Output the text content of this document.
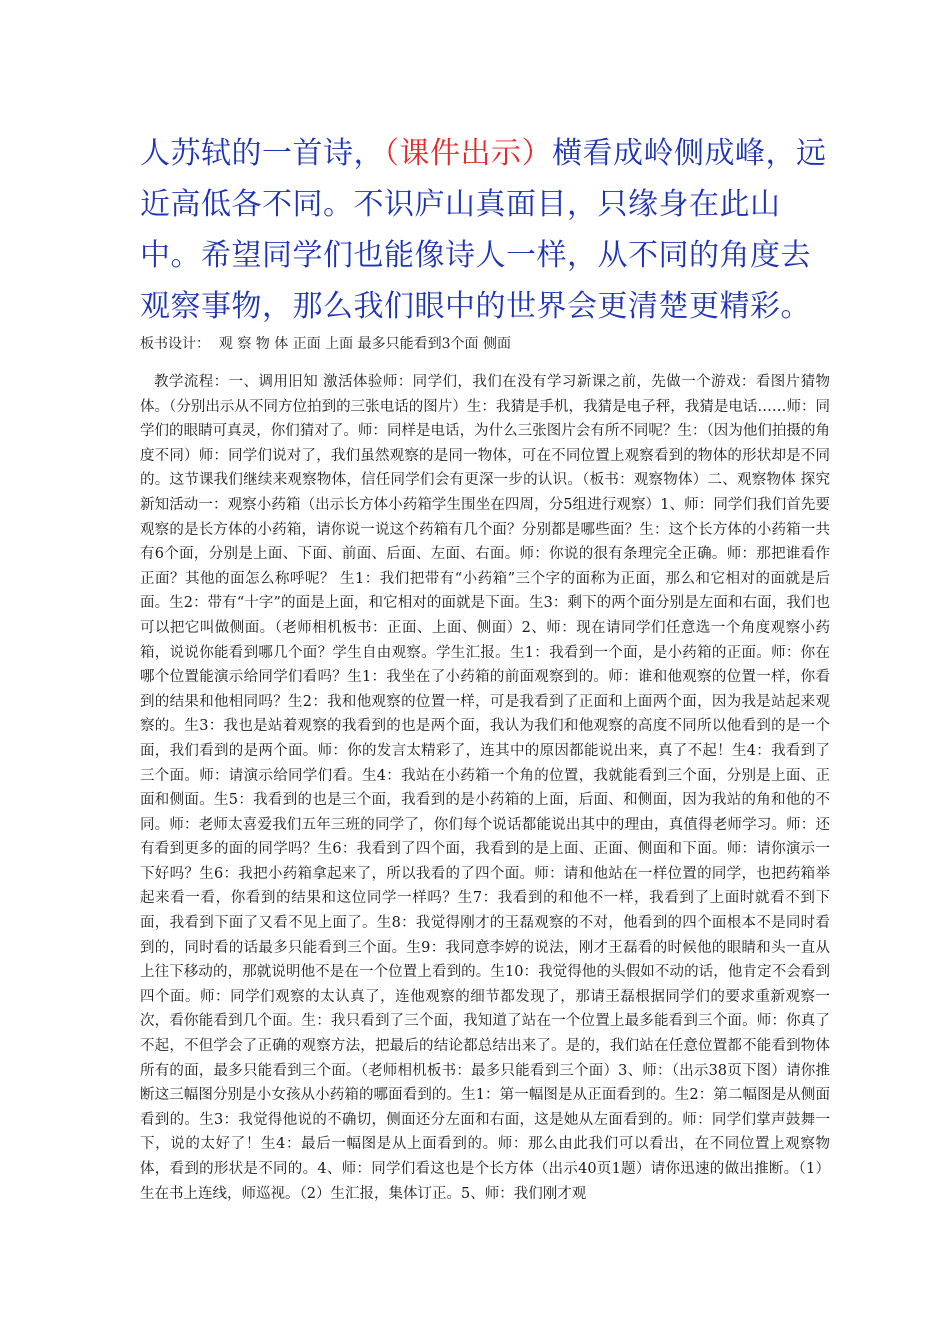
人苏轼的一首诗，（课件出示）横看成岭侧成峰，远近高低各不同。不识庐山真面目，只缘身在此山中。希望同学们也能像诗人一样，从不同的角度去观察事物，那么我们眼中的世界会更清楚更精彩。
板书设计：  观 察 物 体 正面 上面 最多只能看到3个面 侧面
教学流程：一、调用旧知 激活体验师：同学们，我们在没有学习新课之前，先做一个游戏：看图片猜物体。（分别出示从不同方位拍到的三张电话的图片）生：我猜是手机，我猜是电子秤，我猜是电话……师：同学们的眼睛可真灵，你们猜对了。师：同样是电话，为什么三张图片会有所不同呢？生：（因为他们拍摄的角度不同）师：同学们说对了，我们虽然观察的是同一物体，可在不同位置上观察看到的物体的形状却是不同的。这节课我们继续来观察物体，信任同学们会有更深一步的认识。（板书：观察物体）二、观察物体 探究新知活动一：观察小药箱（出示长方体小药箱学生围坐在四周，分5组进行观察）1、师：同学们我们首先要观察的是长方体的小药箱，请你说一说这个药箱有几个面？分别都是哪些面？生：这个长方体的小药箱一共有6个面，分别是上面、下面、前面、后面、左面、右面。师：你说的很有条理完全正确。师：那把谁看作正面？其他的面怎么称呼呢？ 生1：我们把带有“小药箱”三个字的面称为正面，那么和它相对的面就是后面。生2：带有“十字”的面是上面，和它相对的面就是下面。生3：剩下的两个面分别是左面和右面，我们也可以把它叫做侧面。（老师相机板书：正面、上面、侧面）2、师：现在请同学们任意选一个角度观察小药箱，说说你能看到哪几个面？学生自由观察。学生汇报。生1：我看到一个面，是小药箱的正面。师：你在哪个位置能演示给同学们看吗？生1：我坐在了小药箱的前面观察到的。师：谁和他观察的位置一样，你看到的结果和他相同吗？生2：我和他观察的位置一样，可是我看到了正面和上面两个面，因为我是站起来观察的。生3：我也是站着观察的我看到的也是两个面，我认为我们和他观察的高度不同所以他看到的是一个面，我们看到的是两个面。师：你的发言太精彩了，连其中的原因都能说出来，真了不起！生4：我看到了三个面。师：请演示给同学们看。生4：我站在小药箱一个角的位置，我就能看到三个面，分别是上面、正面和侧面。生5：我看到的也是三个面，我看到的是小药箱的上面，后面、和侧面，因为我站的角和他的不同。师：老师太喜爱我们五年三班的同学了，你们每个说话都能说出其中的理由，真值得老师学习。师：还有看到更多的面的同学吗？生6：我看到了四个面，我看到的是上面、正面、侧面和下面。师：请你演示一下好吗？生6：我把小药箱拿起来了，所以我看的了四个面。师：请和他站在一样位置的同学，也把药箱举起来看一看，你看到的结果和这位同学一样吗？生7：我看到的和他不一样，我看到了上面时就看不到下面，我看到下面了又看不见上面了。生8：我觉得刚才的王磊观察的不对，他看到的四个面根本不是同时看到的，同时看的话最多只能看到三个面。生9：我同意李婷的说法，刚才王磊看的时候他的眼睛和头一直从上往下移动的，那就说明他不是在一个位置上看到的。生10：我觉得他的头假如不动的话，他肯定不会看到四个面。师：同学们观察的太认真了，连他观察的细节都发现了，那请王磊根据同学们的要求重新观察一次，看你能看到几个面。生：我只看到了三个面，我知道了站在一个位置上最多能看到三个面。师：你真了不起，不但学会了正确的观察方法，把最后的结论都总结出来了。是的，我们站在任意位置都不能看到物体所有的面，最多只能看到三个面。（老师相机板书：最多只能看到三个面）3、师：（出示38页下图）请你推断这三幅图分别是小女孩从小药箱的哪面看到的。生1：第一幅图是从正面看到的。生2：第二幅图是从侧面看到的。生3：我觉得他说的不确切，侧面还分左面和右面，这是她从左面看到的。师：同学们掌声鼓舞一下，说的太好了！生4：最后一幅图是从上面看到的。师：那么由此我们可以看出，在不同位置上观察物体，看到的形状是不同的。4、师：同学们看这也是个长方体（出示40页1题）请你迅速的做出推断。（1）生在书上连线，师巡视。（2）生汇报，集体订正。5、师：我们刚才观
